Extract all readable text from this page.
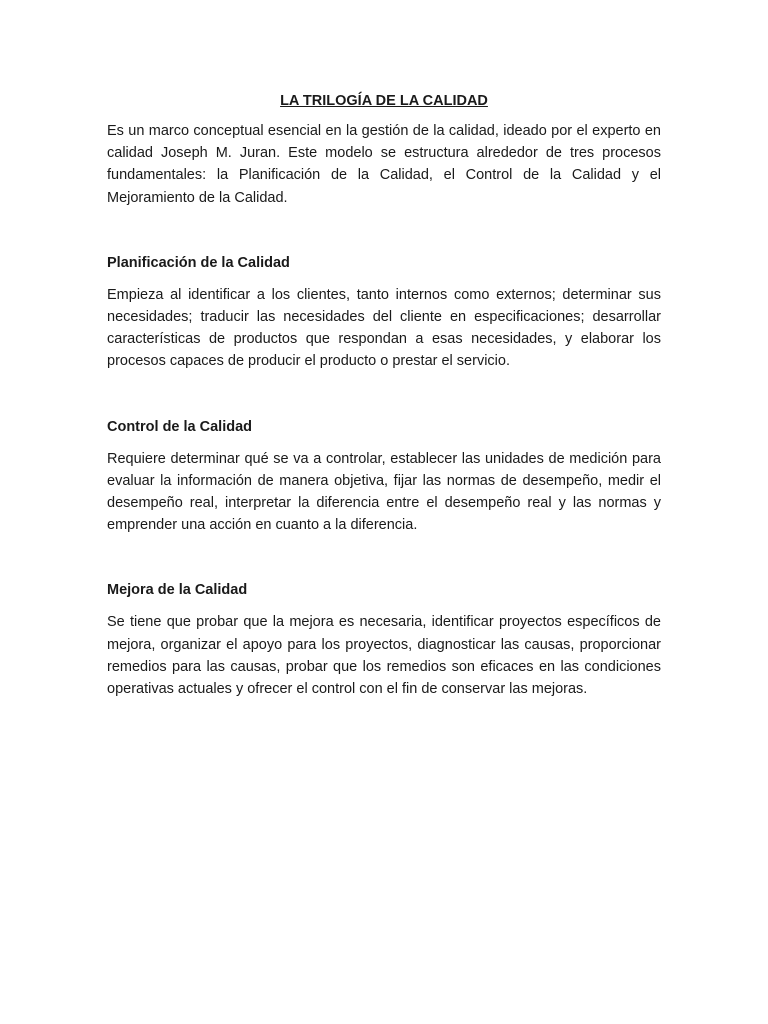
LA TRILOGÍA DE LA CALIDAD

Es un marco conceptual esencial en la gestión de la calidad, ideado por el experto en calidad Joseph M. Juran. Este modelo se estructura alrededor de tres procesos fundamentales: la Planificación de la Calidad, el Control de la Calidad y el Mejoramiento de la Calidad.

Planificación de la Calidad

Empieza al identificar a los clientes, tanto internos como externos; determinar sus necesidades; traducir las necesidades del cliente en especificaciones; desarrollar características de productos que respondan a esas necesidades, y elaborar los procesos capaces de producir el producto o prestar el servicio.

Control de la Calidad

Requiere determinar qué se va a controlar, establecer las unidades de medición para evaluar la información de manera objetiva, fijar las normas de desempeño, medir el desempeño real, interpretar la diferencia entre el desempeño real y las normas y emprender una acción en cuanto a la diferencia.

Mejora de la Calidad

Se tiene que probar que la mejora es necesaria, identificar proyectos específicos de mejora, organizar el apoyo para los proyectos, diagnosticar las causas, proporcionar remedios para las causas, probar que los remedios son eficaces en las condiciones operativas actuales y ofrecer el control con el fin de conservar las mejoras.
